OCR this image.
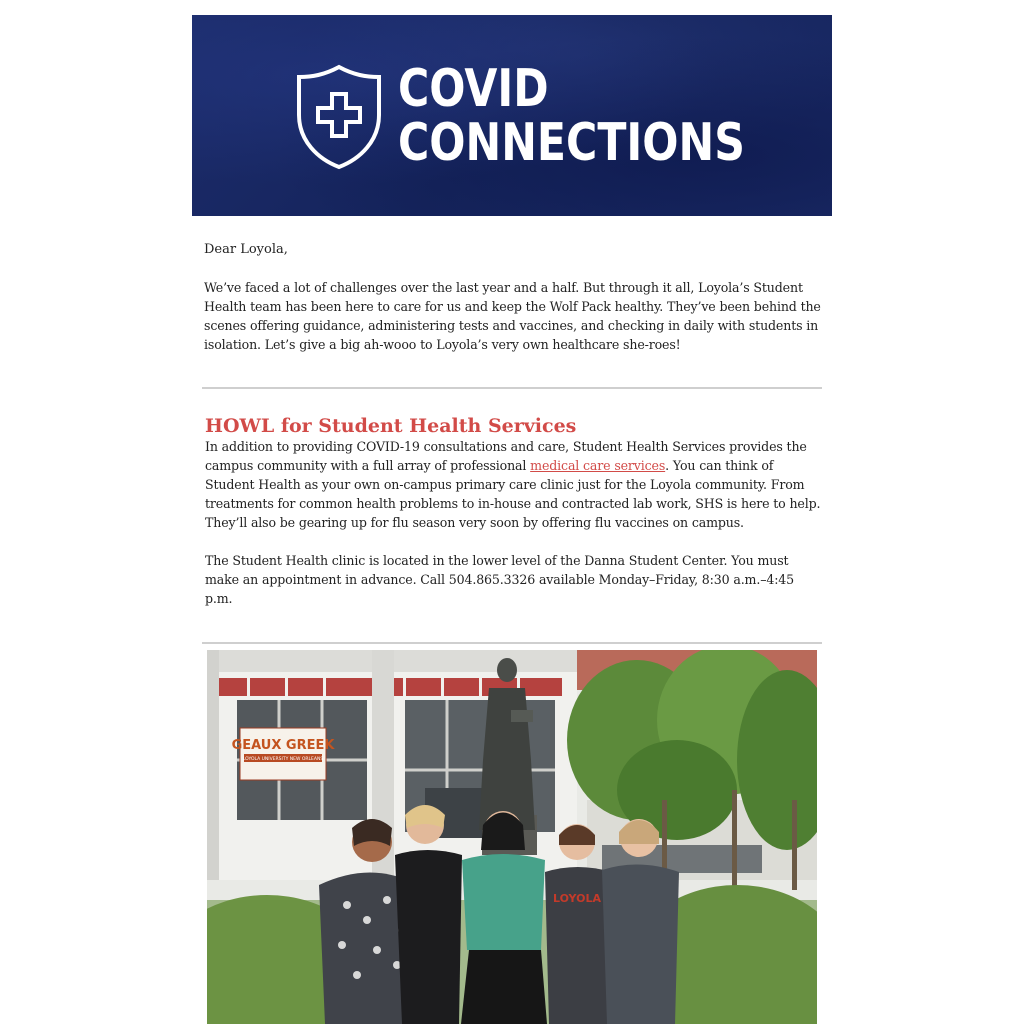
COVID
CONNECTIONS
Dear Loyola,

We’ve faced a lot of challenges over the last year and a half. But through it all, Loyola’s Student Health team has been here to care for us and keep the Wolf Pack healthy. They’ve been behind the scenes offering guidance, administering tests and vaccines, and checking in daily with students in isolation. Let’s give a big ah-wooo to Loyola’s very own healthcare she-roes!

HOWL for Student Health Services

In addition to providing COVID-19 consultations and care, Student Health Services provides the campus community with a full array of professional medical care services. You can think of Student Health as your own on-campus primary care clinic just for the Loyola community. From treatments for common health problems to in-house and contracted lab work, SHS is here to help. They’ll also be gearing up for flu season very soon by offering flu vaccines on campus.

The Student Health clinic is located in the lower level of the Danna Student Center. You must make an appointment in advance. Call 504.865.3326 available Monday–Friday, 8:30 a.m.–4:45 p.m.

GEAUX GREEK
LOYOLA UNIVERSITY NEW ORLEANS
LOYOLA
